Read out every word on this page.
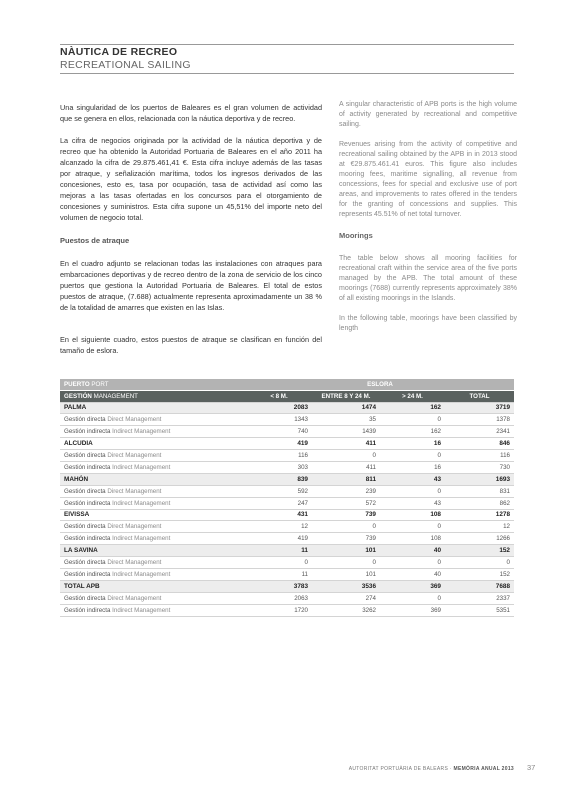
NÀUTICA DE RECREO
RECREATIONAL SAILING

Una singularidad de los puertos de Baleares es el gran volumen de actividad que se genera en ellos, relacionada con la náutica deportiva y de recreo.

La cifra de negocios originada por la actividad de la náutica deportiva y de recreo que ha obtenido la Autoridad Portuaria de Baleares en el año 2011 ha alcanzado la cifra de 29.875.461,41 €. Esta cifra incluye además de las tasas por atraque, y señalización marítima, todos los ingresos derivados de las concesiones, esto es, tasa por ocupación, tasa de actividad así como las mejoras a las tasas ofertadas en los concursos para el otorgamiento de concesiones y suministros. Esta cifra supone un 45,51% del importe neto del volumen de negocio total.

Puestos de atraque

En el cuadro adjunto se relacionan todas las instalaciones con atraques para embarcaciones deportivas y de recreo dentro de la zona de servicio de los cinco puertos que gestiona la Autoridad Portuaria de Baleares. El total de estos puestos de atraque, (7.688) actualmente representa aproximadamente un 38 % de la totalidad de amarres que existen en las Islas.

En el siguiente cuadro, estos puestos de atraque se clasifican en función del tamaño de eslora.

A singular characteristic of APB ports is the high volume of activity generated by recreational and competitive sailing.

Revenues arising from the activity of competitive and recreational sailing obtained by the APB in in 2013 stood at €29.875.461.41 euros. This figure also includes mooring fees, maritime signalling, all revenue from concessions, fees for special and exclusive use of port areas, and improvements to rates offered in the tenders for the granting of concessions and supplies. This represents 45.51% of net total turnover.

Moorings

The table below shows all mooring facilities for recreational craft within the service area of the five ports managed by the APB. The total amount of these moorings (7688) currently represents approximately 38% of all existing moorings in the Islands.

In the following table, moorings have been classified by length

PUERTO PORT	ESLORA			
GESTIÓN MANAGEMENT	< 8 M.	ENTRE 8 Y 24 M.	> 24 M.	TOTAL
PALMA	2083	1474	162	3719
Gestión directa Direct Management	1343	35	0	1378
Gestión indirecta Indirect Management	740	1439	162	2341
ALCUDIA	419	411	16	846
Gestión directa Direct Management	116	0	0	116
Gestión indirecta Indirect Management	303	411	16	730
MAHÓN	839	811	43	1693
Gestión directa Direct Management	592	239	0	831
Gestión indirecta Indirect Management	247	572	43	862
EIVISSA	431	739	108	1278
Gestión directa Direct Management	12	0	0	12
Gestión indirecta Indirect Management	419	739	108	1266
LA SAVINA	11	101	40	152
Gestión directa Direct Management	0	0	0	0
Gestión indirecta Indirect Management	11	101	40	152
TOTAL APB	3783	3536	369	7688
Gestión directa Direct Management	2063	274	0	2337
Gestión indirecta Indirect Management	1720	3262	369	5351
AUTORITAT PORTUÀRIA DE BALEARS · MEMÒRIA ANUAL 2013 37
